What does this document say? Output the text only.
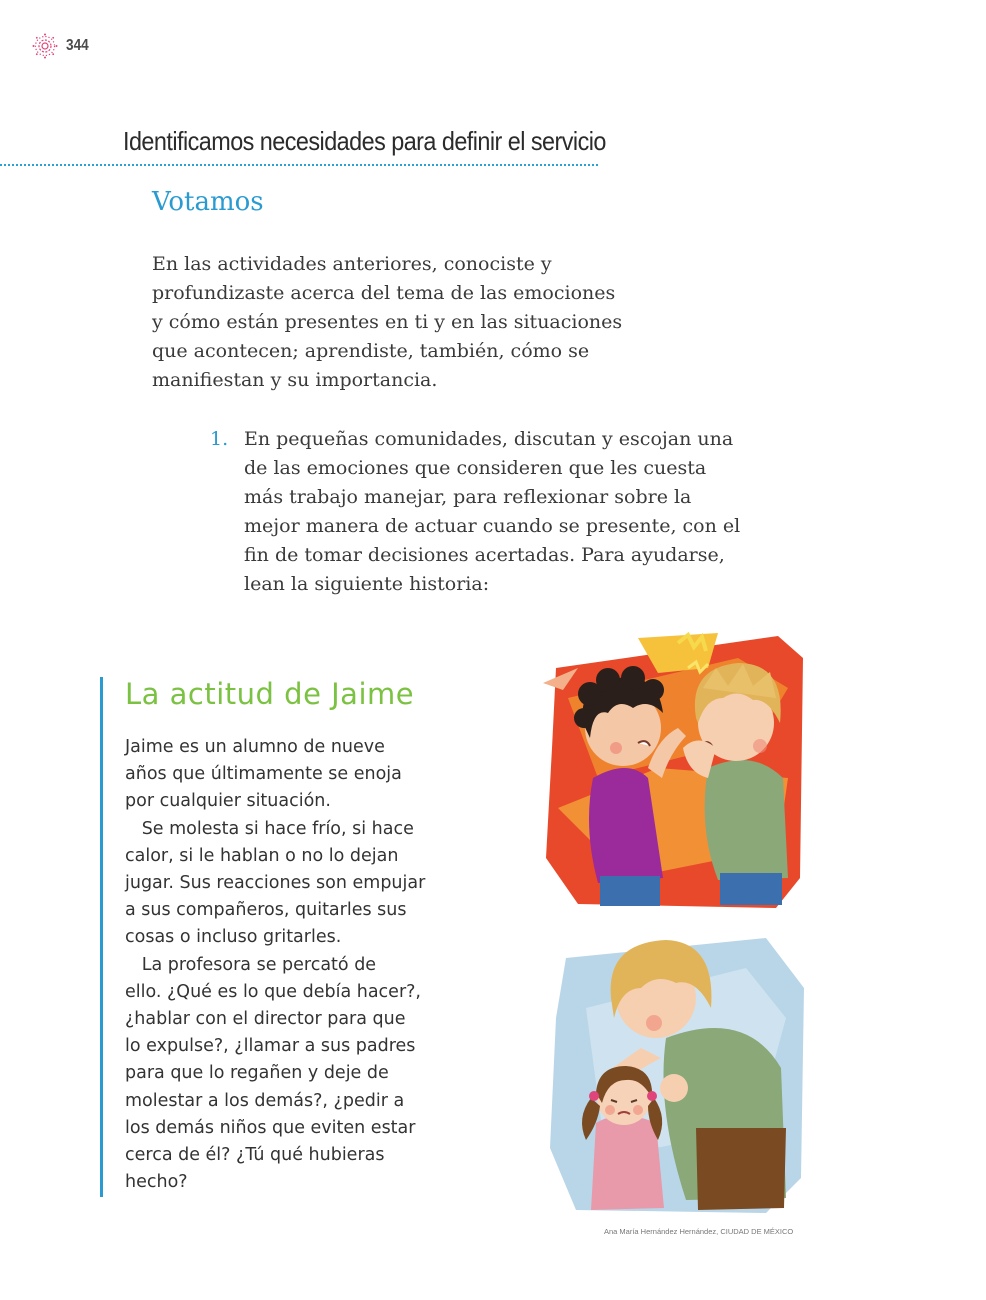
344
Identificamos necesidades para definir el servicio
Votamos
En las actividades anteriores, conociste y
profundizaste acerca del tema de las emociones
y cómo están presentes en ti y en las situaciones
que acontecen; aprendiste, también, cómo se
manifiestan y su importancia.
1. En pequeñas comunidades, discutan y escojan una
de las emociones que consideren que les cuesta
más trabajo manejar, para reflexionar sobre la
mejor manera de actuar cuando se presente, con el
fin de tomar decisiones acertadas. Para ayudarse,
lean la siguiente historia:
La actitud de Jaime
Jaime es un alumno de nueve
años que últimamente se enoja
por cualquier situación.
Se molesta si hace frío, si hace
calor, si le hablan o no lo dejan
jugar. Sus reacciones son empujar
a sus compañeros, quitarles sus
cosas o incluso gritarles.
La profesora se percató de
ello. ¿Qué es lo que debía hacer?,
¿hablar con el director para que
lo expulse?, ¿llamar a sus padres
para que lo regañen y deje de
molestar a los demás?, ¿pedir a
los demás niños que eviten estar
cerca de él? ¿Tú qué hubieras
hecho?
Ana María Hernández Hernández, CIUDAD DE MÉXICO
